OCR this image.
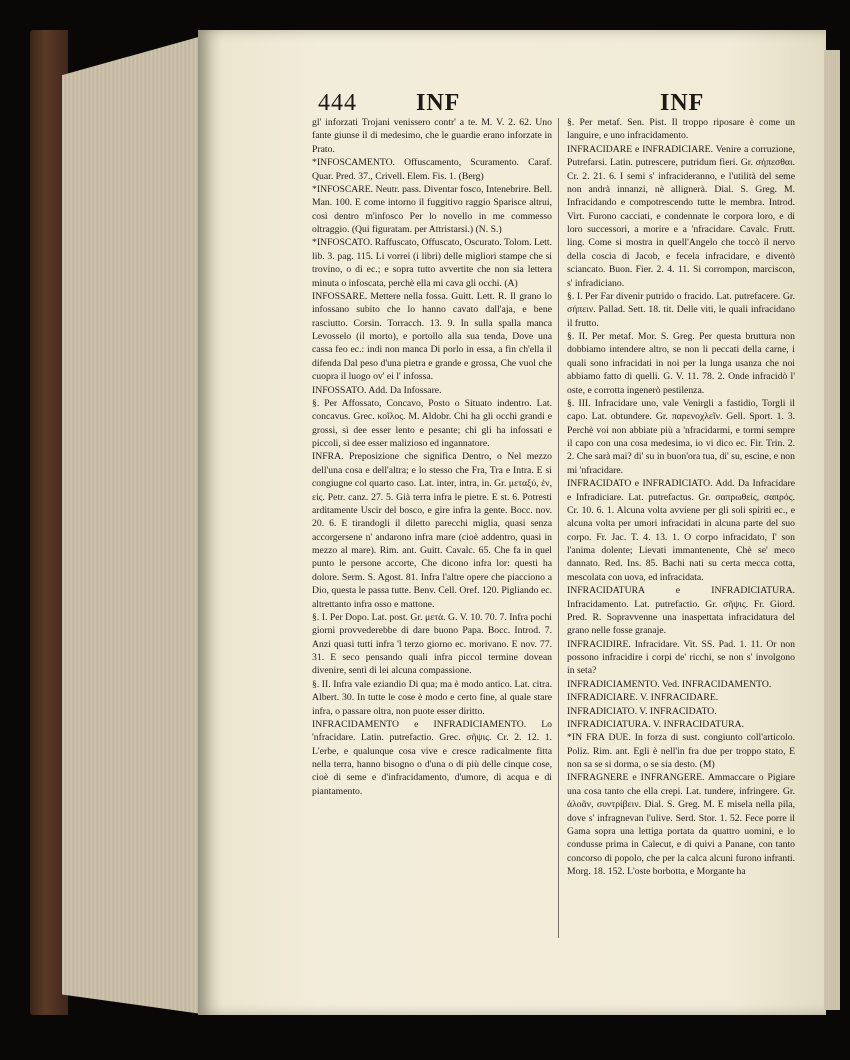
444 INF	INF

gl' inforzati Trojani venissero contr' a te. M. V. 2. 62. Uno fante giunse il di medesimo, che le guardie erano inforzate in Prato.

*INFOSCAMENTO. Offuscamento, Scuramento. Caraf. Quar. Pred. 37., Crivell. Elem. Fis. 1. (Berg)

*INFOSCARE. Neutr. pass. Diventar fosco, Intenebrire. Bell. Man. 100. E come intorno il fuggitivo raggio Sparisce altrui, così dentro m'infosco Per lo novello in me commesso oltraggio. (Qui figuratam. per Attristarsi.) (N. S.)

*INFOSCATO. Raffuscato, Offuscato, Oscurato. Tolom. Lett. lib. 3. pag. 115. Li vorrei (i libri) delle migliori stampe che si trovino, o di ec.; e sopra tutto avvertite che non sia lettera minuta o infoscata, perchè ella mi cava gli occhi. (A)

INFOSSARE. Mettere nella fossa. Guitt. Lett. R. Il grano lo infossano subito che lo hanno cavato dall'aja, e bene rasciutto. Corsin. Torracch. 13. 9. In sulla spalla manca Levosselo (il morto), e portollo alla sua tenda, Dove una cassa feo ec.: indi non manca Di porlo in essa, a fin ch'ella il difenda Dal peso d'una pietra e grande e grossa, Che vuol che cuopra il luogo ov' ei l' infossa.

INFOSSATO. Add. Da Infossare.

§. Per Affossato, Concavo, Posto o Situato indentro. Lat. concavus. Grec. κοῖλος. M. Aldobr. Chi ha gli occhi grandi e grossi, sì dee esser lento e pesante; chi gli ha infossati e piccoli, sì dee esser malizioso ed ingannatore.

INFRA. Preposizione che significa Dentro, o Nel mezzo dell'una cosa e dell'altra; e lo stesso che Fra, Tra e Intra. E si congiugne col quarto caso. Lat. inter, intra, in. Gr. μεταξύ, ἐν, εἰς. Petr. canz. 27. 5. Già terra infra le pietre. E st. 6. Potresti arditamente Uscir del bosco, e gire infra la gente. Bocc. nov. 20. 6. E tirandogli il diletto parecchi miglia, quasi senza accorgersene n' andarono infra mare (cioè addentro, quasi in mezzo al mare). Rim. ant. Guitt. Cavalc. 65. Che fa in quel punto le persone accorte, Che dicono infra lor: questi ha dolore. Serm. S. Agost. 81. Infra l'altre opere che piacciono a Dio, questa le passa tutte. Benv. Cell. Oref. 120. Pigliando ec. altrettanto infra osso e mattone.

§. I. Per Dopo. Lat. post. Gr. μετά. G. V. 10. 70. 7. Infra pochi giorni provvederebbe di dare buono Papa. Bocc. Introd. 7. Anzi quasi tutti infra 'l terzo giorno ec. morivano. E nov. 77. 31. E seco pensando quali infra piccol termine dovean divenire, sentì di lei alcuna compassione.

§. II. Infra vale eziandio Di qua; ma è modo antico. Lat. citra. Albert. 30. In tutte le cose è modo e certo fine, al quale stare infra, o passare oltra, non puote esser diritto.

INFRACIDAMENTO e INFRADICIAMENTO. Lo 'nfracidare. Latin. putrefactio. Grec. σῆψις. Cr. 2. 12. 1. L'erbe, e qualunque cosa vive e cresce radicalmente fitta nella terra, hanno bisogno o d'una o di più delle cinque cose, cioè di seme e d'infracidamento, d'umore, di acqua e di piantamento.

§. Per metaf. Sen. Pist. Il troppo riposare è come un languire, e uno infracidamento.

INFRACIDARE e INFRADICIARE. Venire a corruzione, Putrefarsi. Latin. putrescere, putridum fieri. Gr. σήπεσθαι. Cr. 2. 21. 6. I semi s' infracideranno, e l'utilità del seme non andrà innanzi, nè allignerà. Dial. S. Greg. M. Infracidando e compotrescendo tutte le membra. Introd. Virt. Furono cacciati, e condennate le corpora loro, e di loro successori, a morire e a 'nfracidare. Cavalc. Frutt. ling. Come si mostra in quell'Angelo che toccò il nervo della coscia di Jacob, e fecela infracidare, e diventò sciancato. Buon. Fier. 2. 4. 11. Si corrompon, marciscon, s' infradiciano.

§. I. Per Far divenir putrido o fracido. Lat. putrefacere. Gr. σήπειν. Pallad. Sett. 18. tit. Delle viti, le quali infracidano il frutto.

§. II. Per metaf. Mor. S. Greg. Per questa bruttura non dobbiamo intendere altro, se non li peccati della carne, i quali sono infracidati in noi per la lunga usanza che noi abbiamo fatto di quelli. G. V. 11. 78. 2. Onde infracidò l' oste, e corrotta ingenerò pestilenza.

§. III. Infracidare uno, vale Venirgli a fastidio, Torgli il capo. Lat. obtundere. Gr. παρενοχλεῖν. Gell. Sport. 1. 3. Perchè voi non abbiate più a 'nfracidarmi, e tormi sempre il capo con una cosa medesima, io vi dico ec. Fir. Trin. 2. 2. Che sarà mai? di' su in buon'ora tua, di' su, escine, e non mi 'nfracidare.

INFRACIDATO e INFRADICIATO. Add. Da Infracidare e Infradiciare. Lat. putrefactus. Gr. σαπρωθείς, σαπρός. Cr. 10. 6. 1. Alcuna volta avviene per gli soli spiriti ec., e alcuna volta per umori infracidati in alcuna parte del suo corpo. Fr. Jac. T. 4. 13. 1. O corpo infracidato, I' son l'anima dolente; Lievati immantenente, Chè se' meco dannato. Red. Ins. 85. Bachi nati su certa mecca cotta, mescolata con uova, ed infracidata.

INFRACIDATURA e INFRADICIATURA. Infracidamento. Lat. putrefactio. Gr. σῆψις. Fr. Giord. Pred. R. Sopravvenne una inaspettata infracidatura del grano nelle fosse granaje.

INFRACIDIRE. Infracidare. Vit. SS. Pad. 1. 11. Or non possono infracidire i corpi de' ricchi, se non s' involgono in seta?

INFRADICIAMENTO. Ved. INFRACIDAMENTO.

INFRADICIARE. V. INFRACIDARE.

INFRADICIATO. V. INFRACIDATO.

INFRADICIATURA. V. INFRACIDATURA.

*IN FRA DUE. In forza di sust. congiunto coll'articolo. Poliz. Rim. ant. Egli è nell'in fra due per troppo stato, E non sa se si dorma, o se sia desto. (M)

INFRAGNERE e INFRANGERE. Ammaccare o Pigiare una cosa tanto che ella crepi. Lat. tundere, infringere. Gr. ἀλοᾶν, συντρίβειν. Dial. S. Greg. M. E misela nella pila, dove s' infragnevan l'ulive. Serd. Stor. 1. 52. Fece porre il Gama sopra una lettiga portata da quattro uomini, e lo condusse prima in Calecut, e di quivi a Panane, con tanto concorso di popolo, che per la calca alcuni furono infranti. Morg. 18. 152. L'oste borbotta, e Morgante ha
